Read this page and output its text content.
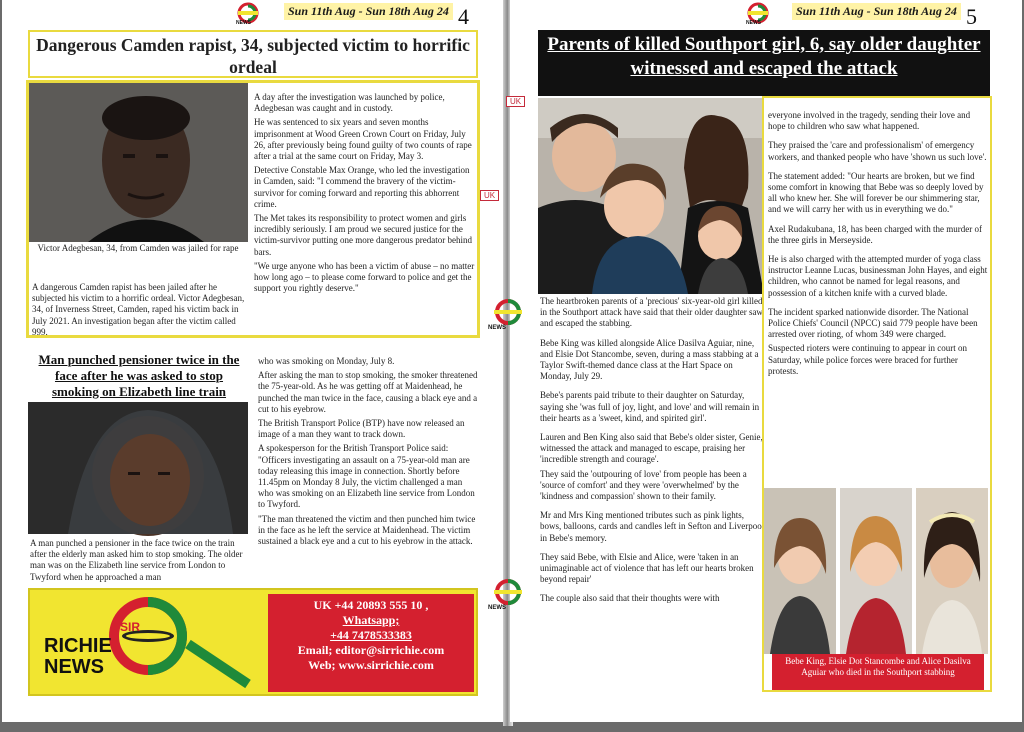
NEWS
Sun 11th Aug - Sun 18th Aug 24 4
Dangerous Camden rapist, 34, subjected victim to horrific ordeal
Victor Adegbesan, 34, from Camden was jailed for rape

A day after the investigation was launched by police, Adegbesan was caught and in custody.

He was sentenced to six years and seven months imprisonment at Wood Green Crown Court on Friday, July 26, after previously being found guilty of two counts of rape after a trial at the same court on Friday, May 3.

Detective Constable Max Orange, who led the investigation in Camden, said: "I commend the bravery of the victim-survivor for coming forward and reporting this abhorrent crime.

The Met takes its responsibility to protect women and girls incredibly seriously. I am proud we secured justice for the victim-survivor putting one more dangerous predator behind bars.

"We urge anyone who has been a victim of abuse – no matter how long ago – to please come forward to police and get the support you rightly deserve."

A dangerous Camden rapist has been jailed after he subjected his victim to a horrific ordeal. Victor Adegbesan, 34, of Inverness Street, Camden, raped his victim back in July 2021. An investigation began after the victim called 999.
Man punched pensioner twice in the face after he was asked to stop smoking on Elizabeth line train
A man punched a pensioner in the face twice on the train after the elderly man asked him to stop smoking. The older man was on the Elizabeth line service from London to Twyford when he approached a man

who was smoking on Monday, July 8.

After asking the man to stop smoking, the smoker threatened the 75-year-old. As he was getting off at Maidenhead, he punched the man twice in the face, causing a black eye and a cut to his eyebrow.

The British Transport Police (BTP) have now released an image of a man they want to track down.

A spokesperson for the British Transport Police said: "Officers investigating an assault on a 75-year-old man are today releasing this image in connection. Shortly before 11.45pm on Monday 8 July, the victim challenged a man who was smoking on an Elizabeth line service from London to Twyford.

"The man threatened the victim and then punched him twice in the face as he left the service at Maidenhead. The victim sustained a black eye and a cut to his eyebrow in the attack.

SIR
RICHIE
NEWS
UK +44 20893 555 10 ,
Whatsapp;
+44 7478533383
Email; editor@sirrichie.com
Web; www.sirrichie.com
NEWS
Sun 11th Aug - Sun 18th Aug 24 5
Parents of killed Southport girl, 6, say older daughter witnessed and escaped the attack
UK
UK

The heartbroken parents of a 'precious' six-year-old girl killed in the Southport attack have said that their older daughter saw and escaped the stabbing.

Bebe King was killed alongside Alice Dasilva Aguiar, nine, and Elsie Dot Stancombe, seven, during a mass stabbing at a Taylor Swift-themed dance class at the Hart Space on Monday, July 29.

Bebe's parents paid tribute to their daughter on Saturday, saying she 'was full of joy, light, and love' and will remain in their hearts as a 'sweet, kind, and spirited girl'.

Lauren and Ben King also said that Bebe's older sister, Genie, witnessed the attack and managed to escape, praising her 'incredible strength and courage'.

They said the 'outpouring of love' from people has been a 'source of comfort' and they were 'overwhelmed' by the 'kindness and compassion' shown to their family.

Mr and Mrs King mentioned tributes such as pink lights, bows, balloons, cards and candles left in Sefton and Liverpool in Bebe's memory.

They said Bebe, with Elsie and Alice, were 'taken in an unimaginable act of violence that has left our hearts broken beyond repair'

The couple also said that their thoughts were with

everyone involved in the tragedy, sending their love and hope to children who saw what happened.

They praised the 'care and professionalism' of emergency workers, and thanked people who have 'shown us such love'.

The statement added: "Our hearts are broken, but we find some comfort in knowing that Bebe was so deeply loved by all who knew her. She will forever be our shimmering star, and we will carry her with us in everything we do."

Axel Rudakubana, 18, has been charged with the murder of the three girls in Merseyside.

He is also charged with the attempted murder of yoga class instructor Leanne Lucas, businessman John Hayes, and eight children, who cannot be named for legal reasons, and possession of a kitchen knife with a curved blade.

The incident sparked nationwide disorder. The National Police Chiefs' Council (NPCC) said 779 people have been arrested over rioting, of whom 349 were charged.

Suspected rioters were continuing to appear in court on Saturday, while police forces were braced for further protests.

Bebe King, Elsie Dot Stancombe and Alice Dasilva Aguiar who died in the Southport stabbing
NEWS
NEWS
